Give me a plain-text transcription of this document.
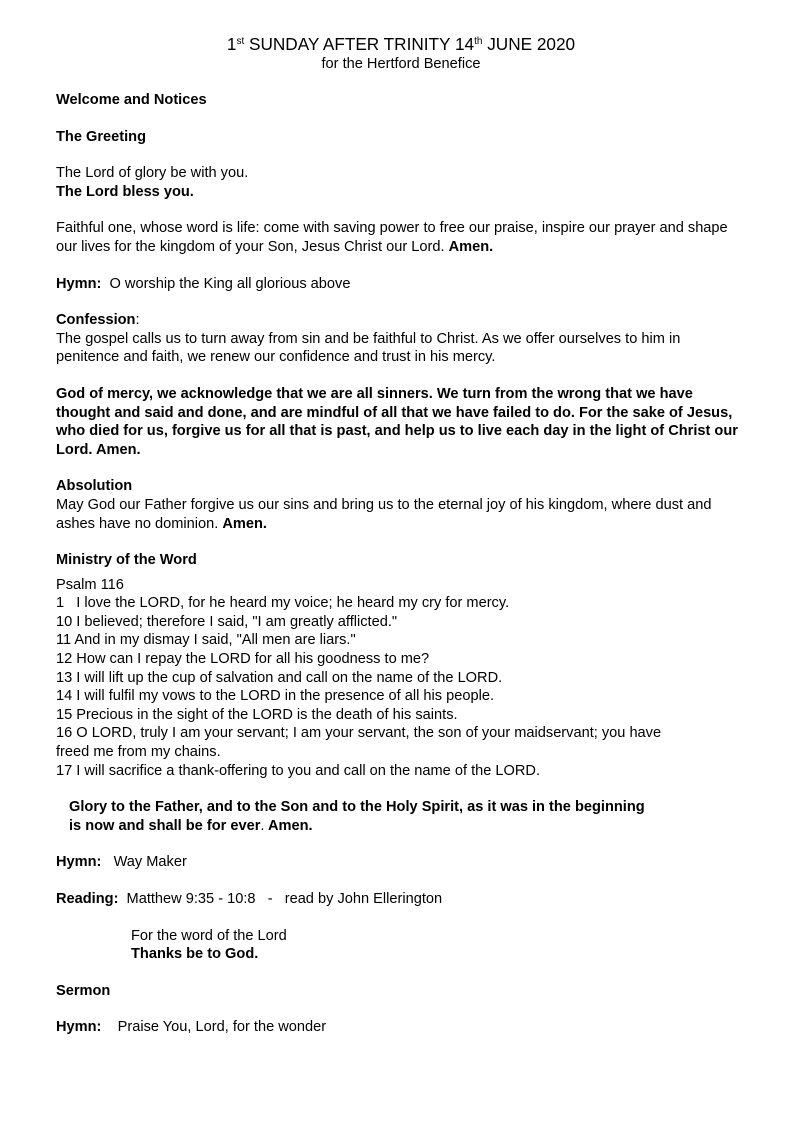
1st SUNDAY AFTER TRINITY 14th JUNE 2020
for the Hertford Benefice
Welcome and Notices
The Greeting
The Lord of glory be with you.
The Lord bless you.
Faithful one, whose word is life: come with saving power to free our praise, inspire our prayer and shape our lives for the kingdom of your Son, Jesus Christ our Lord. Amen.
Hymn: O worship the King all glorious above
Confession:
The gospel calls us to turn away from sin and be faithful to Christ. As we offer ourselves to him in penitence and faith, we renew our confidence and trust in his mercy.
God of mercy, we acknowledge that we are all sinners. We turn from the wrong that we have thought and said and done, and are mindful of all that we have failed to do. For the sake of Jesus, who died for us, forgive us for all that is past, and help us to live each day in the light of Christ our Lord. Amen.
Absolution
May God our Father forgive us our sins and bring us to the eternal joy of his kingdom, where dust and ashes have no dominion. Amen.
Ministry of the Word
Psalm 116
1   I love the LORD, for he heard my voice; he heard my cry for mercy.
10 I believed; therefore I said, "I am greatly afflicted."
11 And in my dismay I said, "All men are liars."
12 How can I repay the LORD for all his goodness to me?
13 I will lift up the cup of salvation and call on the name of the LORD.
14 I will fulfil my vows to the LORD in the presence of all his people.
15 Precious in the sight of the LORD is the death of his saints.
16 O LORD, truly I am your servant; I am your servant, the son of your maidservant; you have
freed me from my chains.
17 I will sacrifice a thank-offering to you and call on the name of the LORD.
Glory to the Father, and to the Son and to the Holy Spirit, as it was in the beginning
is now and shall be for ever. Amen.
Hymn: Way Maker
Reading: Matthew 9:35 - 10:8   -   read by John Ellerington
For the word of the Lord
Thanks be to God.
Sermon
Hymn: Praise You, Lord, for the wonder
